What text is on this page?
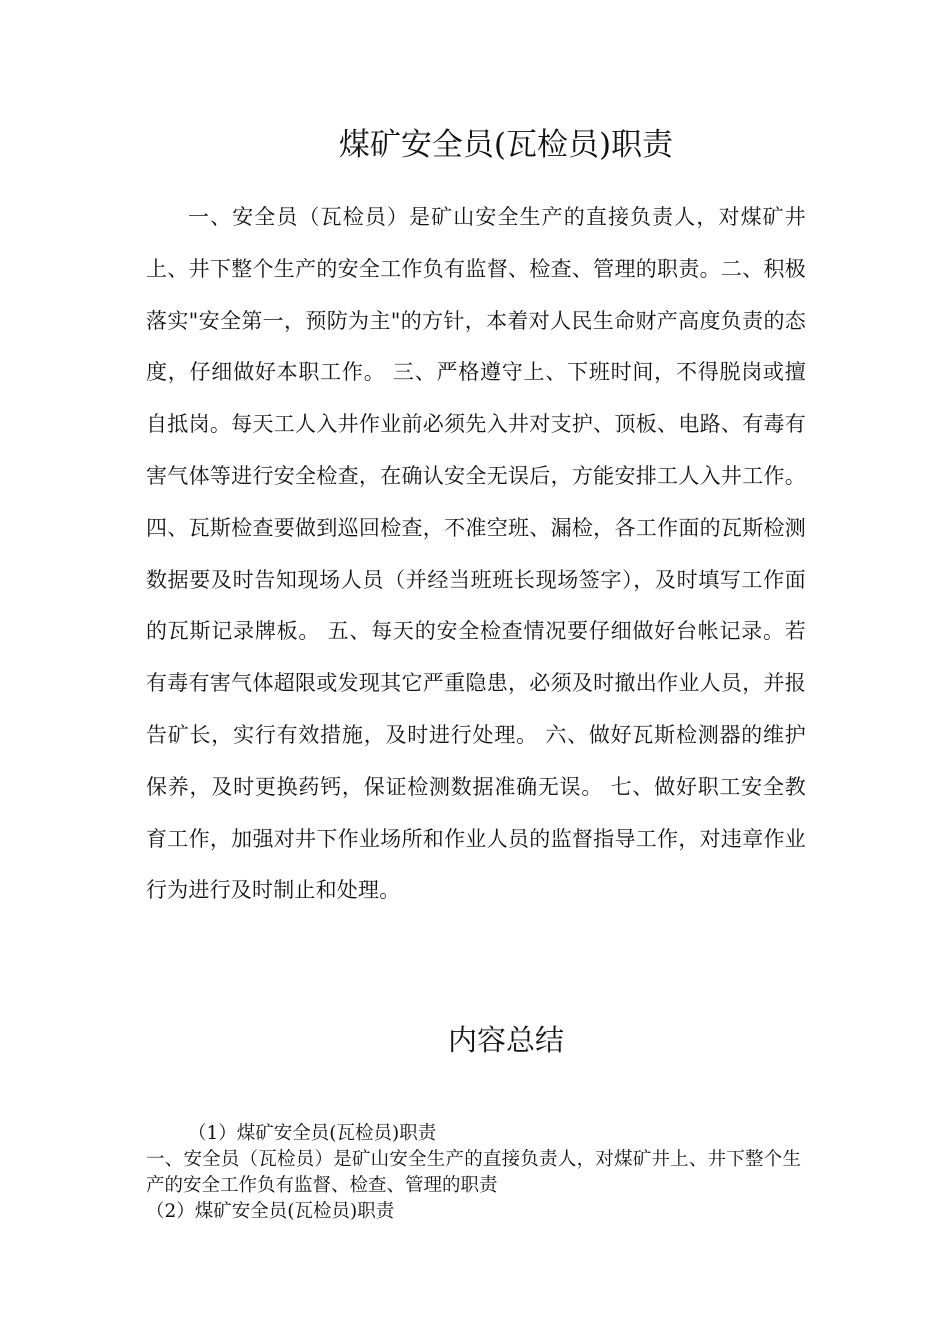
煤矿安全员(瓦检员)职责

一、安全员（瓦检员）是矿山安全生产的直接负责人，对煤矿井上、井下整个生产的安全工作负有监督、检查、管理的职责。二、积极落实"安全第一，预防为主"的方针，本着对人民生命财产高度负责的态度，仔细做好本职工作。 三、严格遵守上、下班时间，不得脱岗或擅自抵岗。每天工人入井作业前必须先入井对支护、顶板、电路、有毒有害气体等进行安全检查，在确认安全无误后，方能安排工人入井工作。 四、瓦斯检查要做到巡回检查，不准空班、漏检，各工作面的瓦斯检测数据要及时告知现场人员（并经当班班长现场签字），及时填写工作面的瓦斯记录牌板。 五、每天的安全检查情况要仔细做好台帐记录。若有毒有害气体超限或发现其它严重隐患，必须及时撤出作业人员，并报告矿长，实行有效措施，及时进行处理。 六、做好瓦斯检测器的维护保养，及时更换药钙，保证检测数据准确无误。 七、做好职工安全教育工作，加强对井下作业场所和作业人员的监督指导工作，对违章作业行为进行及时制止和处理。

内容总结

（1）煤矿安全员(瓦检员)职责

一、安全员（瓦检员）是矿山安全生产的直接负责人，对煤矿井上、井下整个生产的安全工作负有监督、检查、管理的职责

（2）煤矿安全员(瓦检员)职责
